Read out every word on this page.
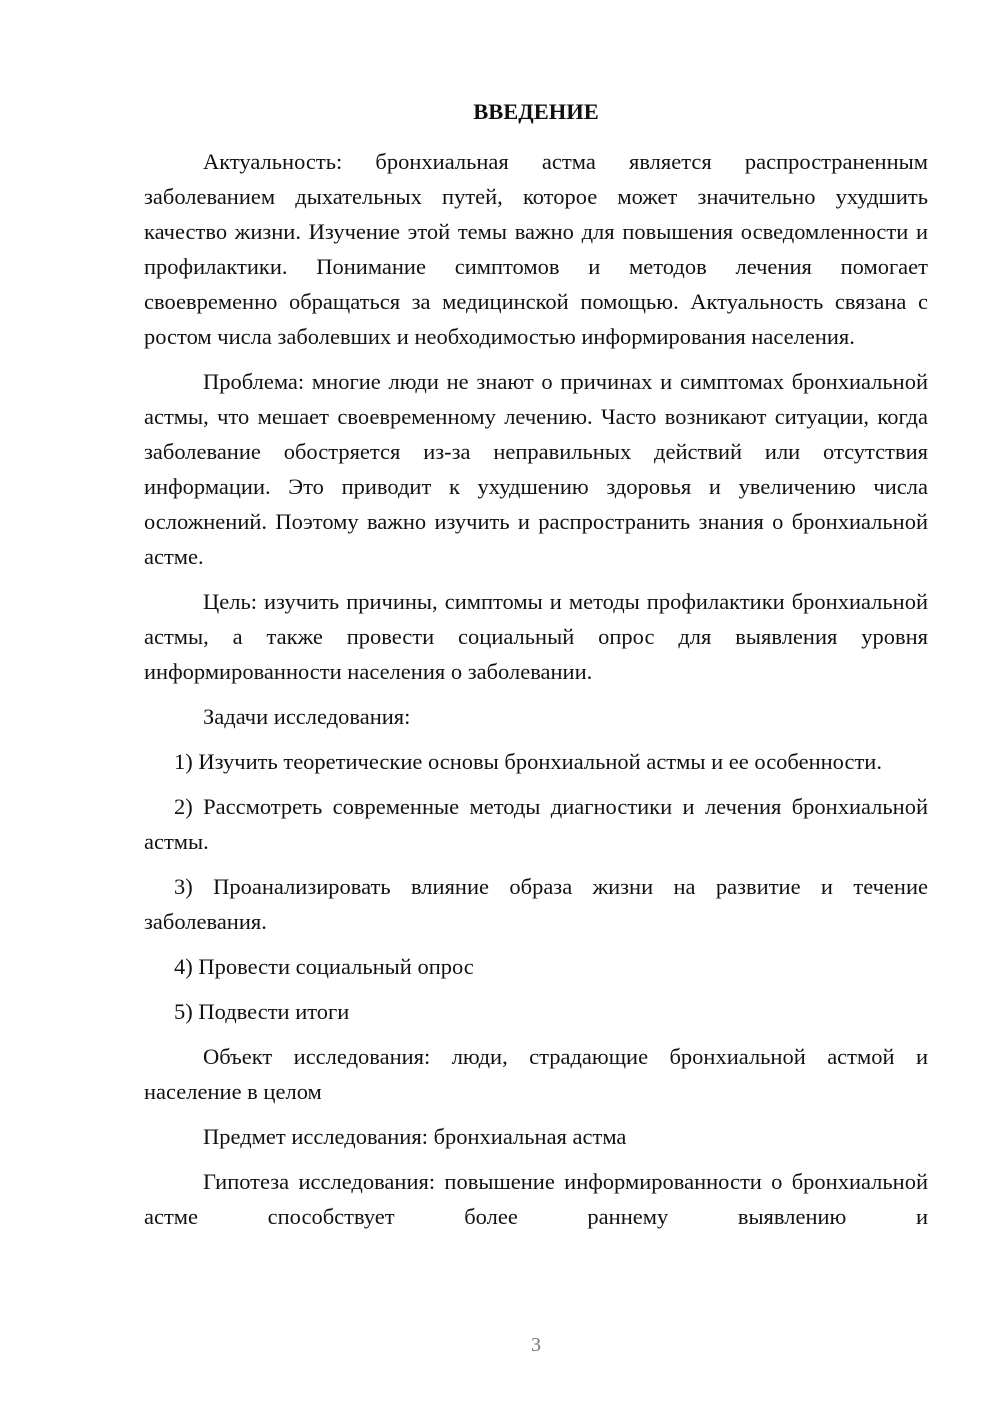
ВВЕДЕНИЕ

Актуальность: бронхиальная астма является распространенным заболеванием дыхательных путей, которое может значительно ухудшить качество жизни. Изучение этой темы важно для повышения осведомленности и профилактики. Понимание симптомов и методов лечения помогает своевременно обращаться за медицинской помощью. Актуальность связана с ростом числа заболевших и необходимостью информирования населения.

Проблема: многие люди не знают о причинах и симптомах бронхиальной астмы, что мешает своевременному лечению. Часто возникают ситуации, когда заболевание обостряется из-за неправильных действий или отсутствия информации. Это приводит к ухудшению здоровья и увеличению числа осложнений. Поэтому важно изучить и распространить знания о бронхиальной астме.

Цель: изучить причины, симптомы и методы профилактики бронхиальной астмы, а также провести социальный опрос для выявления уровня информированности населения о заболевании.

Задачи исследования:

1) Изучить теоретические основы бронхиальной астмы и ее особенности.

2) Рассмотреть современные методы диагностики и лечения бронхиальной астмы.

3) Проанализировать влияние образа жизни на развитие и течение заболевания.

4) Провести социальный опрос

5) Подвести итоги

Объект исследования: люди, страдающие бронхиальной астмой и население в целом

Предмет исследования: бронхиальная астма

Гипотеза исследования: повышение информированности о бронхиальной астме способствует более раннему выявлению и

3
